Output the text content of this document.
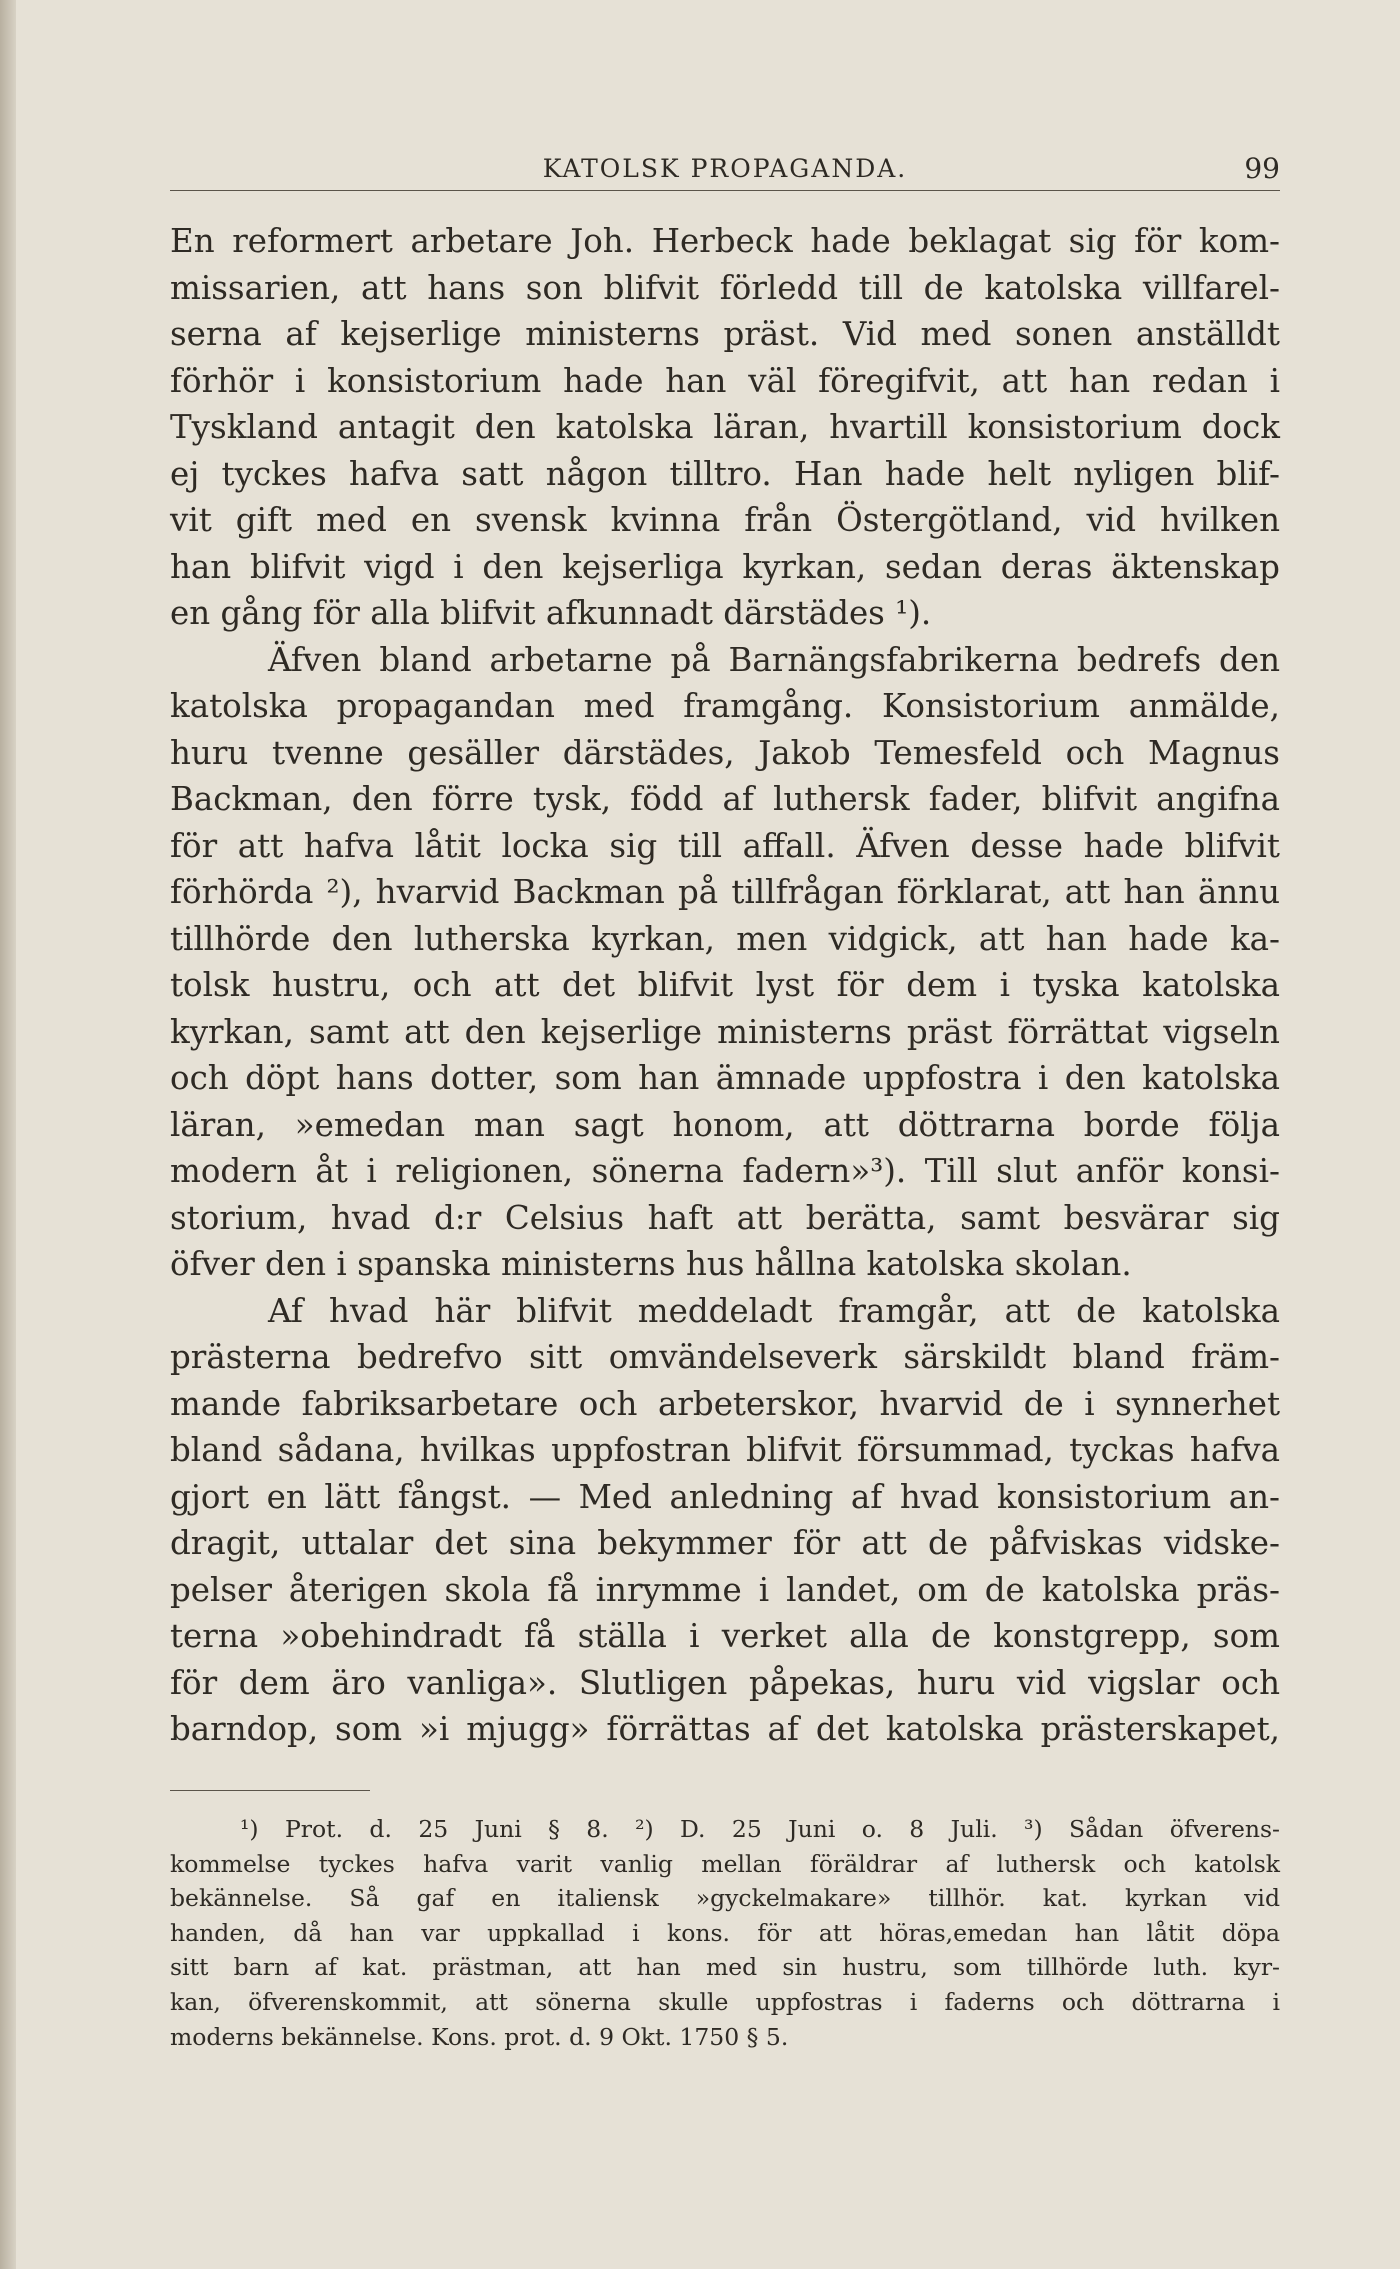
KATOLSK PROPAGANDA.	99
En reformert arbetare Joh. Herbeck hade beklagat sig för kom-
missarien, att hans son blifvit förledd till de katolska villfarel-
serna af kejserlige ministerns präst. Vid med sonen anställdt
förhör i konsistorium hade han väl föregifvit, att han redan i
Tyskland antagit den katolska läran, hvartill konsistorium dock
ej tyckes hafva satt någon tilltro. Han hade helt nyligen blif-
vit gift med en svensk kvinna från Östergötland, vid hvilken
han blifvit vigd i den kejserliga kyrkan, sedan deras äktenskap
en gång för alla blifvit afkunnadt därstädes ¹).
Äfven bland arbetarne på Barnängsfabrikerna bedrefs den
katolska propagandan med framgång. Konsistorium anmälde,
huru tvenne gesäller därstädes, Jakob Temesfeld och Magnus
Backman, den förre tysk, född af luthersk fader, blifvit angifna
för att hafva låtit locka sig till affall. Äfven desse hade blifvit
förhörda ²), hvarvid Backman på tillfrågan förklarat, att han ännu
tillhörde den lutherska kyrkan, men vidgick, att han hade ka-
tolsk hustru, och att det blifvit lyst för dem i tyska katolska
kyrkan, samt att den kejserlige ministerns präst förrättat vigseln
och döpt hans dotter, som han ämnade uppfostra i den katolska
läran, »emedan man sagt honom, att döttrarna borde följa
modern åt i religionen, sönerna fadern»³). Till slut anför konsi-
storium, hvad d:r Celsius haft att berätta, samt besvärar sig
öfver den i spanska ministerns hus hållna katolska skolan.
Af hvad här blifvit meddeladt framgår, att de katolska
prästerna bedrefvo sitt omvändelseverk särskildt bland främ-
mande fabriksarbetare och arbeterskor, hvarvid de i synnerhet
bland sådana, hvilkas uppfostran blifvit försummad, tyckas hafva
gjort en lätt fångst. — Med anledning af hvad konsistorium an-
dragit, uttalar det sina bekymmer för att de påfviskas vidske-
pelser återigen skola få inrymme i landet, om de katolska präs-
terna »obehindradt få ställa i verket alla de konstgrepp, som
för dem äro vanliga». Slutligen påpekas, huru vid vigslar och
barndop, som »i mjugg» förrättas af det katolska prästerskapet,
¹) Prot. d. 25 Juni § 8. ²) D. 25 Juni o. 8 Juli. ³) Sådan öfverens-
kommelse tyckes hafva varit vanlig mellan föräldrar af luthersk och katolsk
bekännelse. Så gaf en italiensk »gyckelmakare» tillhör. kat. kyrkan vid
handen, då han var uppkallad i kons. för att höras,emedan han låtit döpa
sitt barn af kat. prästman, att han med sin hustru, som tillhörde luth. kyr-
kan, öfverenskommit, att sönerna skulle uppfostras i faderns och döttrarna i
moderns bekännelse. Kons. prot. d. 9 Okt. 1750 § 5.
